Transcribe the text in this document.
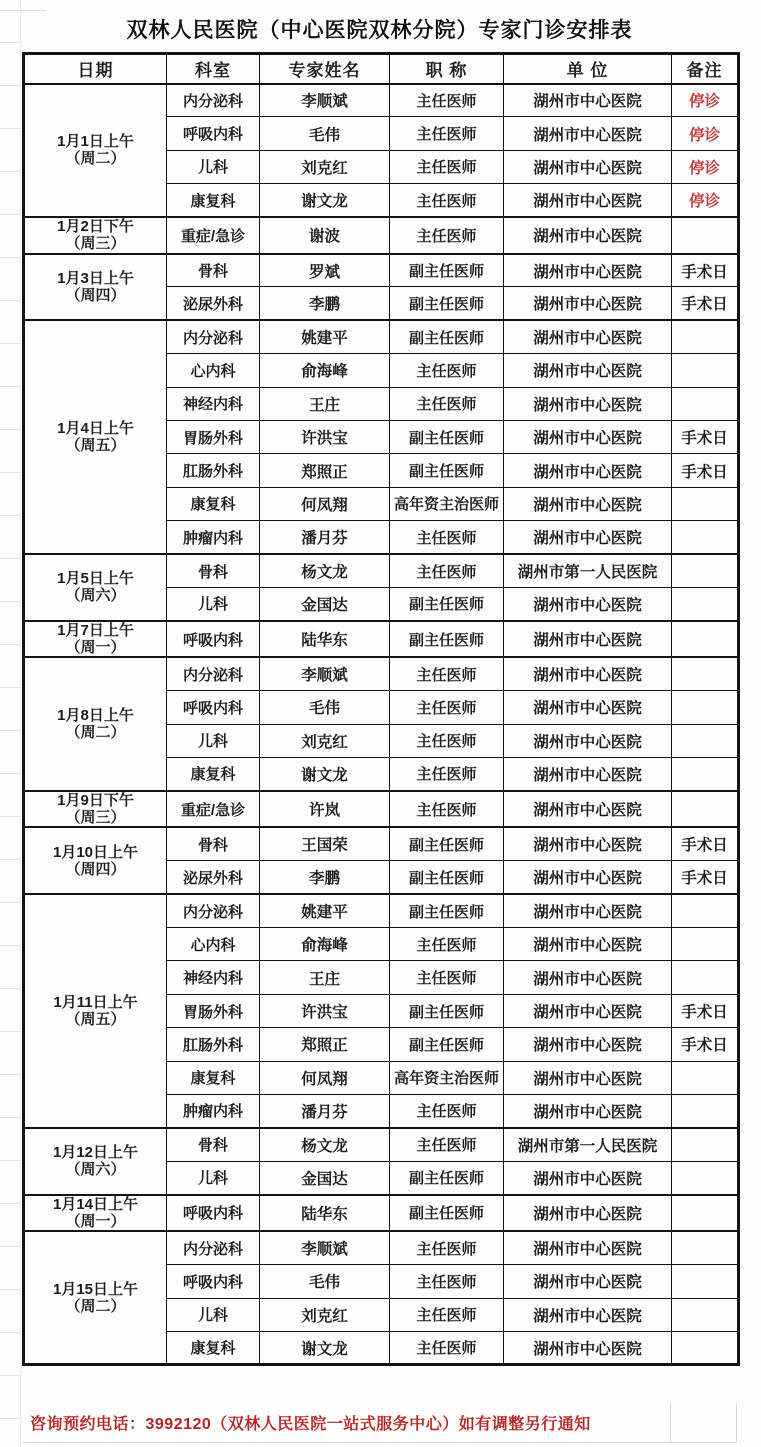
双林人民医院（中心医院双林分院）专家门诊安排表
日期	科室	专家姓名	职 称	单 位	备注

1月1日上午
（周二）	内分泌科	李顺斌	主任医师	湖州市中心医院	停诊
	呼吸内科	毛伟	主任医师	湖州市中心医院	停诊
	儿科	刘克红	主任医师	湖州市中心医院	停诊
	康复科	谢文龙	主任医师	湖州市中心医院	停诊

1月2日下午
（周三）	重症/急诊	谢波	主任医师	湖州市中心医院	

1月3日上午
（周四）	骨科	罗斌	副主任医师	湖州市中心医院	手术日
	泌尿外科	李鹏	副主任医师	湖州市中心医院	手术日

1月4日上午
（周五）	内分泌科	姚建平	副主任医师	湖州市中心医院	
	心内科	俞海峰	主任医师	湖州市中心医院	
	神经内科	王庄	主任医师	湖州市中心医院	
	胃肠外科	许洪宝	副主任医师	湖州市中心医院	手术日
	肛肠外科	郑照正	副主任医师	湖州市中心医院	手术日
	康复科	何凤翔	高年资主治医师	湖州市中心医院	
	肿瘤内科	潘月芬	主任医师	湖州市中心医院	

1月5日上午
（周六）	骨科	杨文龙	主任医师	湖州市第一人民医院	
	儿科	金国达	副主任医师	湖州市中心医院	

1月7日上午
（周一）	呼吸内科	陆华东	副主任医师	湖州市中心医院	

1月8日上午
（周二）	内分泌科	李顺斌	主任医师	湖州市中心医院	
	呼吸内科	毛伟	主任医师	湖州市中心医院	
	儿科	刘克红	主任医师	湖州市中心医院	
	康复科	谢文龙	主任医师	湖州市中心医院	

1月9日下午
（周三）	重症/急诊	许岚	主任医师	湖州市中心医院	

1月10日上午
（周四）	骨科	王国荣	副主任医师	湖州市中心医院	手术日
	泌尿外科	李鹏	副主任医师	湖州市中心医院	手术日

1月11日上午
（周五）	内分泌科	姚建平	副主任医师	湖州市中心医院	
	心内科	俞海峰	主任医师	湖州市中心医院	
	神经内科	王庄	主任医师	湖州市中心医院	
	胃肠外科	许洪宝	副主任医师	湖州市中心医院	手术日
	肛肠外科	郑照正	副主任医师	湖州市中心医院	手术日
	康复科	何凤翔	高年资主治医师	湖州市中心医院	
	肿瘤内科	潘月芬	主任医师	湖州市中心医院	

1月12日上午
（周六）	骨科	杨文龙	主任医师	湖州市第一人民医院	
	儿科	金国达	副主任医师	湖州市中心医院	

1月14日上午
（周一）	呼吸内科	陆华东	副主任医师	湖州市中心医院	

1月15日上午
（周二）	内分泌科	李顺斌	主任医师	湖州市中心医院	
	呼吸内科	毛伟	主任医师	湖州市中心医院	
	儿科	刘克红	主任医师	湖州市中心医院	
	康复科	谢文龙	主任医师	湖州市中心医院	
咨询预约电话：3992120（双林人民医院一站式服务中心）如有调整另行通知
